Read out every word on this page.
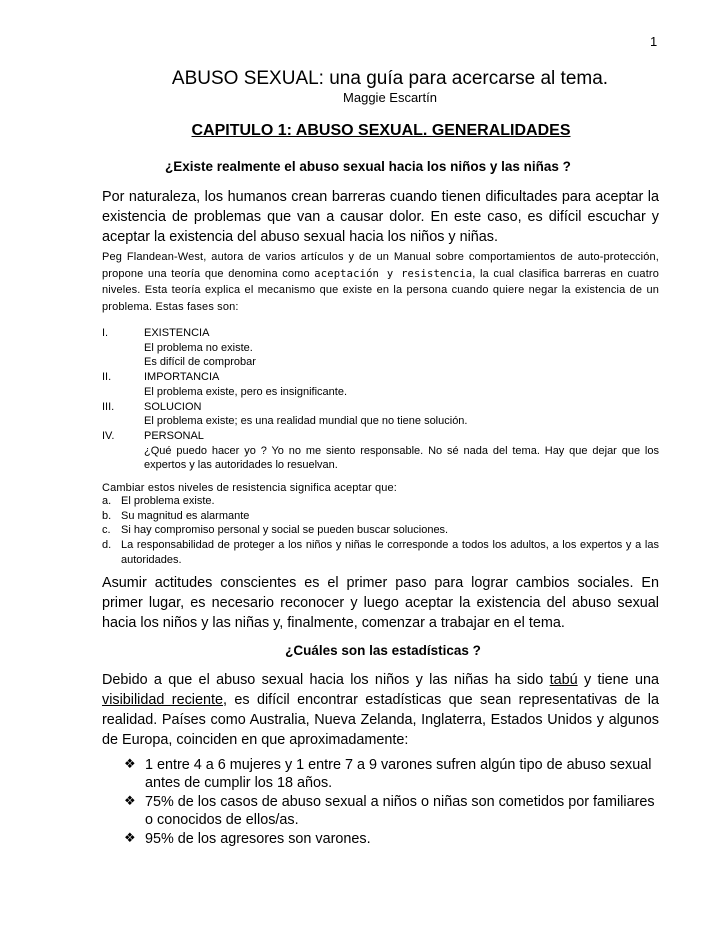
1
ABUSO SEXUAL: una guía para acercarse al tema.
Maggie Escartín
CAPITULO 1: ABUSO SEXUAL. GENERALIDADES
¿Existe realmente el abuso sexual hacia los niños y las niñas ?

Por naturaleza, los humanos crean barreras cuando tienen dificultades para aceptar la existencia de problemas que van a causar dolor. En este caso, es difícil escuchar y aceptar la existencia del abuso sexual hacia los niños y niñas.

Peg Flandean-West, autora de varios artículos y de un Manual sobre comportamientos de auto-protección, propone una teoría que denomina como aceptación y resistencia, la cual clasifica barreras en cuatro niveles. Esta teoría explica el mecanismo que existe en la persona cuando quiere negar la existencia de un problema. Estas fases son:

I.	EXISTENCIA
El problema no existe.
Es difícil de comprobar
II.	IMPORTANCIA
El problema existe, pero es insignificante.
III.	SOLUCION
El problema existe; es una realidad mundial que no tiene solución.
IV.	PERSONAL
¿Qué puedo hacer yo ? Yo no me siento responsable. No sé nada del tema. Hay que dejar que los expertos y las autoridades lo resuelvan.

Cambiar estos niveles de resistencia significa aceptar que:

a. El problema existe.
b. Su magnitud es alarmante
c. Si hay compromiso personal y social se pueden buscar soluciones.
d. La responsabilidad de proteger a los niños y niñas le corresponde a todos los adultos, a los expertos y a las autoridades.

Asumir actitudes conscientes es el primer paso para lograr cambios sociales. En primer lugar, es necesario reconocer y luego aceptar la existencia del abuso sexual hacia los niños y las niñas y, finalmente, comenzar a trabajar en el tema.

¿Cuáles son las estadísticas ?

Debido a que el abuso sexual hacia los niños y las niñas ha sido tabú y tiene una visibilidad reciente, es difícil encontrar estadísticas que sean representativas de la realidad. Países como Australia, Nueva Zelanda, Inglaterra, Estados Unidos y algunos de Europa, coinciden en que aproximadamente:

❖ 1 entre 4 a 6 mujeres y 1 entre 7 a 9 varones sufren algún tipo de abuso sexual antes de cumplir los 18 años.
❖ 75% de los casos de abuso sexual a niños o niñas son cometidos por familiares o conocidos de ellos/as.
❖ 95% de los agresores son varones.
